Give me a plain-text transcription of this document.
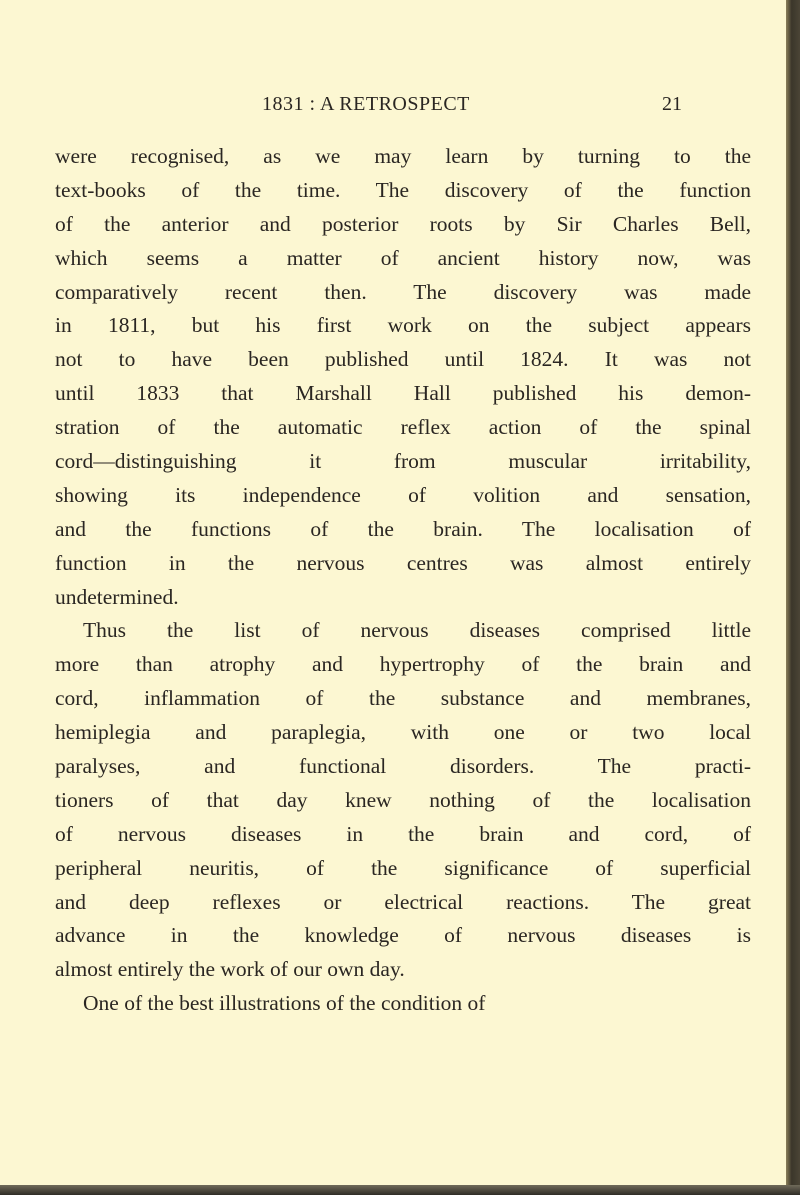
1831 : A RETROSPECT	21
were recognised, as we may learn by turning to the
text-books of the time. The discovery of the function
of the anterior and posterior roots by Sir Charles Bell,
which seems a matter of ancient history now, was
comparatively recent then. The discovery was made
in 1811, but his first work on the subject appears
not to have been published until 1824. It was not
until 1833 that Marshall Hall published his demon-
stration of the automatic reflex action of the spinal
cord—distinguishing it from muscular irritability,
showing its independence of volition and sensation,
and the functions of the brain. The localisation of
function in the nervous centres was almost entirely
undetermined.
Thus the list of nervous diseases comprised little
more than atrophy and hypertrophy of the brain and
cord, inflammation of the substance and membranes,
hemiplegia and paraplegia, with one or two local
paralyses, and functional disorders. The practi-
tioners of that day knew nothing of the localisation
of nervous diseases in the brain and cord, of
peripheral neuritis, of the significance of superficial
and deep reflexes or electrical reactions. The great
advance in the knowledge of nervous diseases is
almost entirely the work of our own day.
One of the best illustrations of the condition of
